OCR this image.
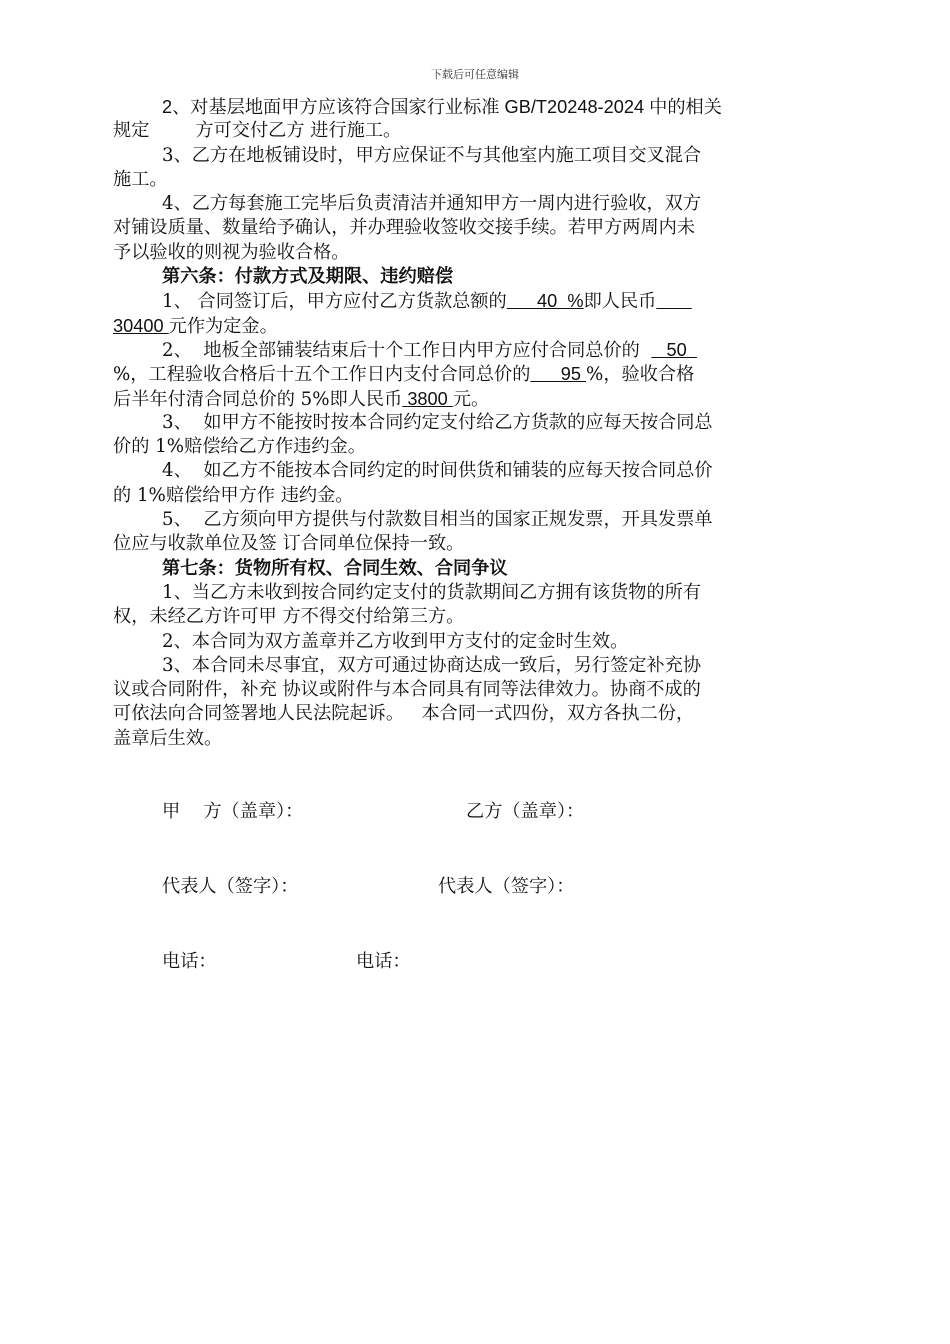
下载后可任意编辑
2、对基层地面甲方应该符合国家行业标准 GB/T20248-2024 中的相关
规定	方可交付乙方 进行施工。
3、乙方在地板铺设时，甲方应保证不与其他室内施工项目交叉混合
施工。
4、乙方每套施工完毕后负责清洁并通知甲方一周内进行验收，双方
对铺设质量、数量给予确认，并办理验收签收交接手续。若甲方两周内未
予以验收的则视为验收合格。
第六条：付款方式及期限、违约赔偿
1、 合同签订后，甲方应付乙方货款总额的      40  %即人民币
30400 元作为定金。
2、  地板全部铺装结束后十个工作日内甲方应付合同总价的     50
%，工程验收合格后十五个工作日内支付合同总价的      95 %，验收合格
后半年付清合同总价的 5%即人民币 3800 元。
3、  如甲方不能按时按本合同约定支付给乙方货款的应每天按合同总
价的 1%赔偿给乙方作违约金。
4、  如乙方不能按本合同约定的时间供货和铺装的应每天按合同总价
的 1%赔偿给甲方作 违约金。
5、  乙方须向甲方提供与付款数目相当的国家正规发票，开具发票单
位应与收款单位及签 订合同单位保持一致。
第七条：货物所有权、合同生效、合同争议
1、当乙方未收到按合同约定支付的货款期间乙方拥有该货物的所有
权，未经乙方许可甲 方不得交付给第三方。
2、本合同为双方盖章并乙方收到甲方支付的定金时生效。
3、本合同未尽事宜，双方可通过协商达成一致后，另行签定补充协
议或合同附件，补充 协议或附件与本合同具有同等法律效力。协商不成的
可依法向合同签署地人民法院起诉。   本合同一式四份，双方各执二份，
盖章后生效。
甲    方（盖章）：	乙方（盖章）：
代表人（签字）：	代表人（签字）：
电话：	电话：
